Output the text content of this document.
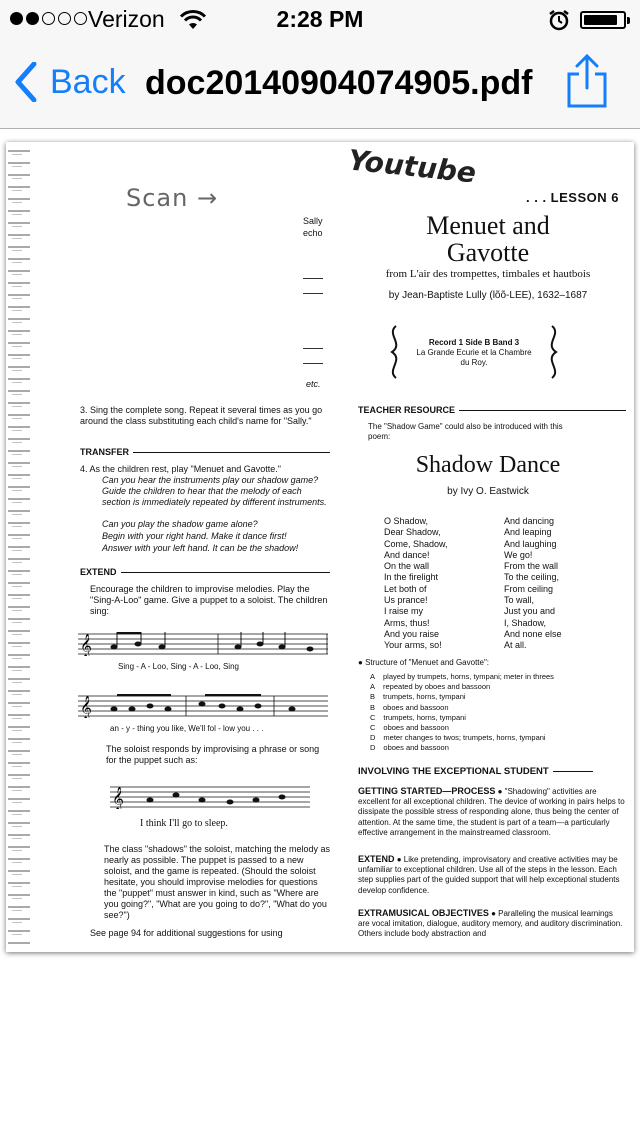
Verizon	2:28 PM
Back doc20140904074905.pdf
Youtube
Scan →
Sally
echo
etc.
3. Sing the complete song. Repeat it several times as you go around the class substituting each child's name for "Sally."
TRANSFER
4. As the children rest, play "Menuet and Gavotte."
Can you hear the instruments play our shadow game? Guide the children to hear that the melody of each section is immediately repeated by different instruments.
Can you play the shadow game alone?
Begin with your right hand. Make it dance first!
Answer with your left hand. It can be the shadow!
EXTEND
Encourage the children to improvise melodies. Play the "Sing-A-Loo" game. Give a puppet to a soloist. The children sing:
𝄞
Sing - A - Loo, Sing - A - Loo, Sing
𝄞
an - y - thing you like, We'll fol - low you . . .
The soloist responds by improvising a phrase or song for the puppet such as:
𝄞
I think I'll go to sleep.
The class "shadows" the soloist, matching the melody as nearly as possible. The puppet is passed to a new soloist, and the game is repeated. (Should the soloist hesitate, you should improvise melodies for questions the "puppet" must answer in kind, such as "Where are you going?", "What are you going to do?", "What do you see?")
See page 94 for additional suggestions for using
. . . LESSON 6
Menuet and
Gavotte
from L'air des trompettes, timbales et hautbois
by Jean-Baptiste Lully (lõõ-LEE), 1632–1687
Record 1 Side B Band 3
La Grande Ecurie et la Chambre
du Roy.
TEACHER RESOURCE
The "Shadow Game" could also be introduced with this
poem:
Shadow Dance
by Ivy O. Eastwick
O Shadow,
Dear Shadow,
Come, Shadow,
And dance!
On the wall
In the firelight
Let both of
Us prance!
I raise my
Arms, thus!
And you raise
Your arms, so!
And dancing
And leaping
And laughing
We go!
From the wall
To the ceiling,
From ceiling
To wall,
Just you and
I, Shadow,
And none else
At all.
● Structure of "Menuet and Gavotte":
A played by trumpets, horns, tympani; meter in threes
A repeated by oboes and bassoon
B trumpets, horns, tympani
B oboes and bassoon
C trumpets, horns, tympani
C oboes and bassoon
D meter changes to twos; trumpets, horns, tympani
D oboes and bassoon
INVOLVING THE EXCEPTIONAL STUDENT
GETTING STARTED—PROCESS ● "Shadowing" activities are excellent for all exceptional children. The device of working in pairs helps to dissipate the possible stress of responding alone, thus being the center of attention. At the same time, the student is part of a team—a particularly effective arrangement in the mainstreamed classroom.
EXTEND ● Like pretending, improvisatory and creative activities may be unfamiliar to exceptional children. Use all of the steps in the lesson. Each step supplies part of the guided support that will help exceptional students develop confidence.
EXTRAMUSICAL OBJECTIVES ● Paralleling the musical learnings are vocal imitation, dialogue, auditory memory, and auditory discrimination. Others include body abstraction and
